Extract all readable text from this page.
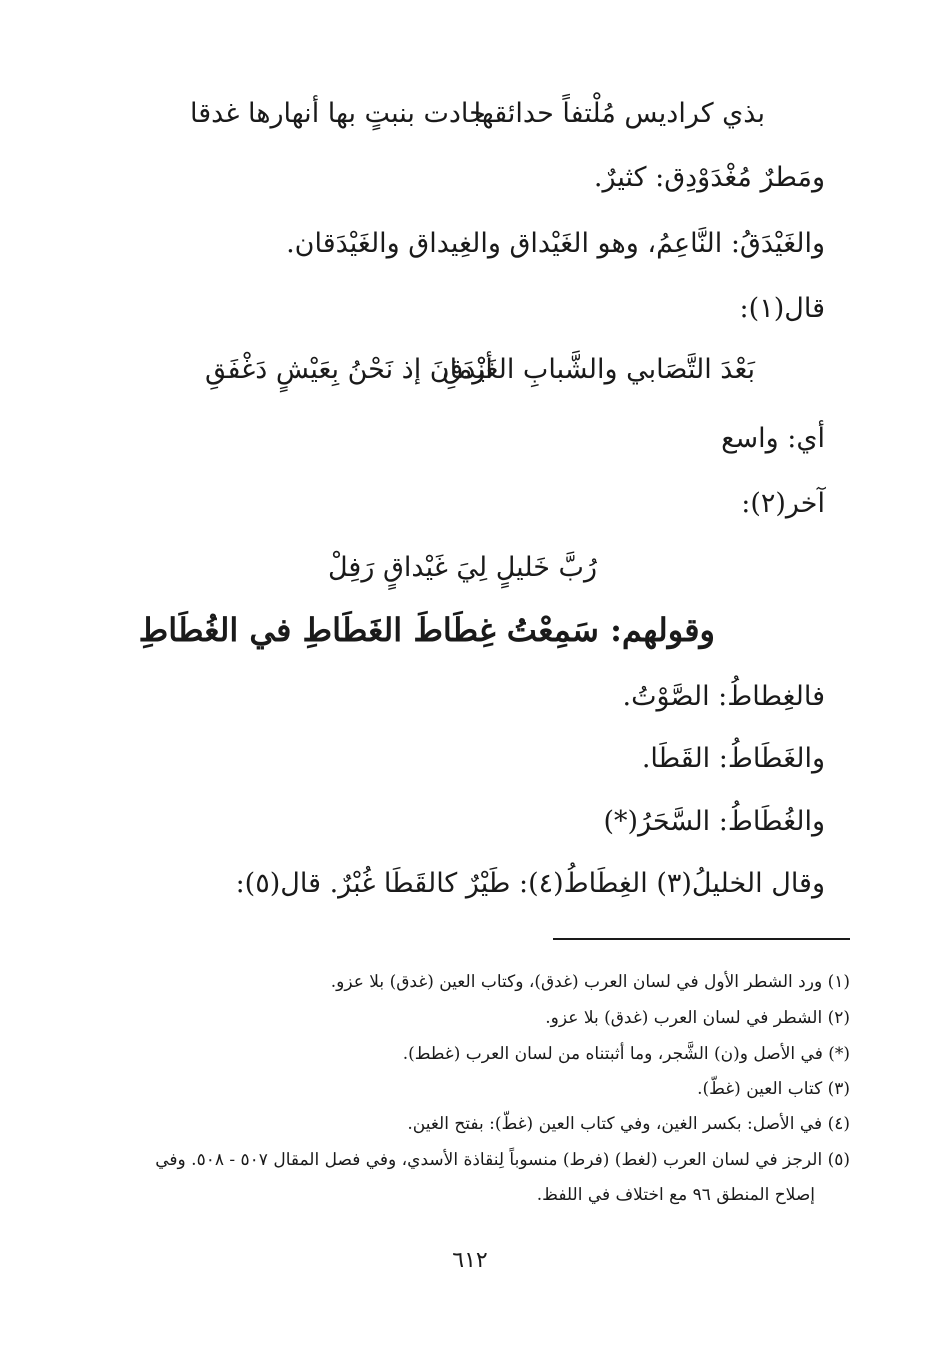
بذي كراديس مُلْتفاً حدائقها
جادت بنبتٍ بها أنهارها غدقا
ومَطرٌ مُغْدَوْدِق: كثيرٌ.
والغَيْدَقُ: النَّاعِمُ، وهو الغَيْداق والغِيداق والغَيْدَقان.
قال(١):
بَعْدَ التَّصَابي والشَّبابِ الغَيْدَقِ
أزْمانَ إذ نَحْنُ بِعَيْشٍ دَغْفَقِ
أي: واسع
آخر(٢):
رُبَّ خَليلٍ لِيَ غَيْداقٍ رَفِلْ
وقولهم: سَمِعْتُ غِطَاطَ الغَطَاطِ في الغُطَاطِ
فالغِطاطُ: الصَّوْتُ.
والغَطَاطُ: القَطَا.
والغُطَاطُ: السَّحَرُ(*)
وقال الخليلُ(٣) الغِطَاطُ(٤): طَيْرٌ كالقَطَا غُبْرٌ. قال(٥):
(١) ورد الشطر الأول في لسان العرب (غدق)، وكتاب العين (غدق) بلا عزو.
(٢) الشطر في لسان العرب (غدق) بلا عزو.
(*) في الأصل و(ن) الشَّجر، وما أثبتناه من لسان العرب (غطط).
(٣) كتاب العين (غطّ).
(٤) في الأصل: بكسر الغين، وفي كتاب العين (غطّ): بفتح الغين.
(٥) الرجز في لسان العرب (لغط) (فرط) منسوباً لِنقاذة الأسدي، وفي فصل المقال ٥٠٧ - ٥٠٨. وفي
إصلاح المنطق ٩٦ مع اختلاف في اللفظ.
٦١٢
